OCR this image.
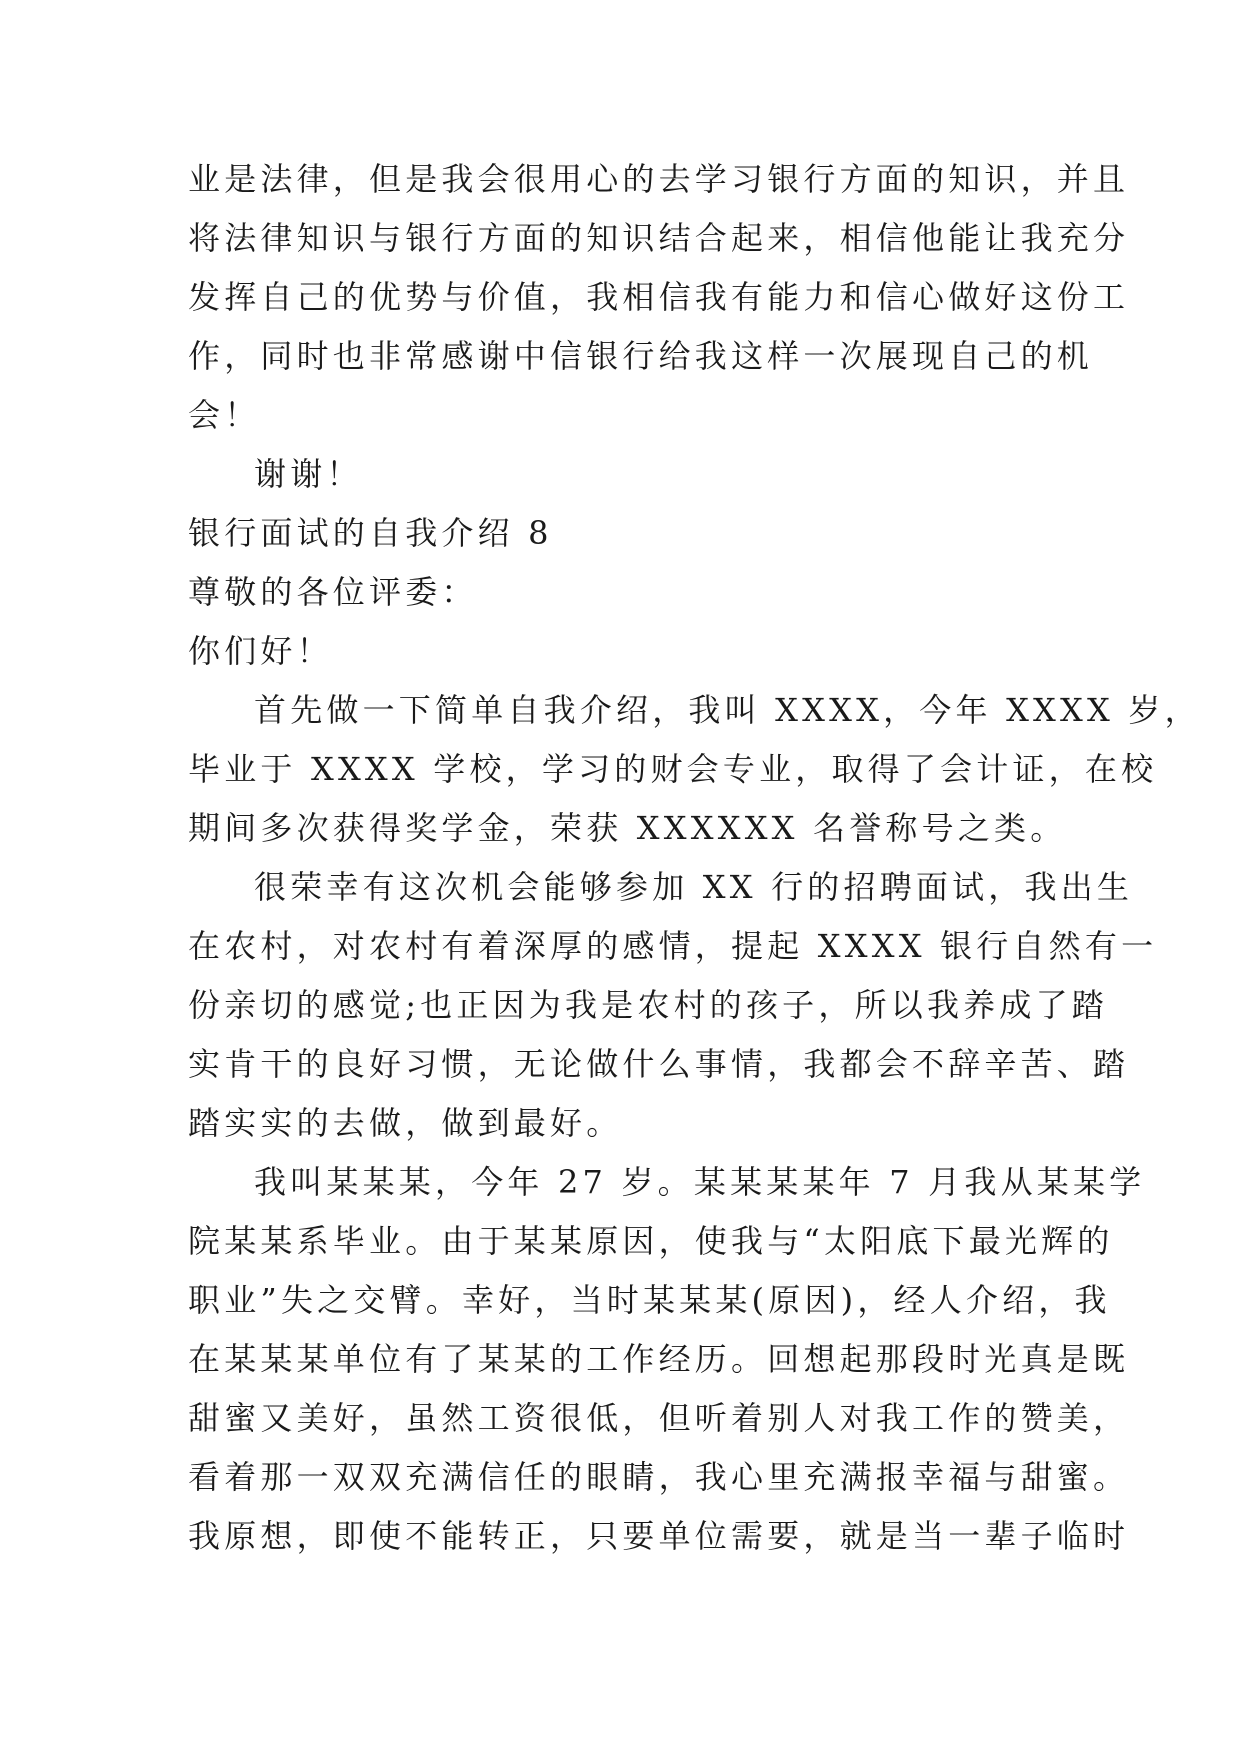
业是法律，但是我会很用心的去学习银行方面的知识，并且
将法律知识与银行方面的知识结合起来，相信他能让我充分
发挥自己的优势与价值，我相信我有能力和信心做好这份工
作，同时也非常感谢中信银行给我这样一次展现自己的机
会！
谢谢！
银行面试的自我介绍 8
尊敬的各位评委：
你们好！
首先做一下简单自我介绍，我叫 XXXX，今年 XXXX 岁，
毕业于 XXXX 学校，学习的财会专业，取得了会计证，在校
期间多次获得奖学金，荣获 XXXXXX 名誉称号之类。
很荣幸有这次机会能够参加 XX 行的招聘面试，我出生
在农村，对农村有着深厚的感情，提起 XXXX 银行自然有一
份亲切的感觉;也正因为我是农村的孩子，所以我养成了踏
实肯干的良好习惯，无论做什么事情，我都会不辞辛苦、踏
踏实实的去做，做到最好。
我叫某某某，今年 27 岁。某某某某年 7 月我从某某学
院某某系毕业。由于某某原因，使我与“太阳底下最光辉的
职业”失之交臂。幸好，当时某某某(原因)，经人介绍，我
在某某某单位有了某某的工作经历。回想起那段时光真是既
甜蜜又美好，虽然工资很低，但听着别人对我工作的赞美，
看着那一双双充满信任的眼睛，我心里充满报幸福与甜蜜。
我原想，即使不能转正，只要单位需要，就是当一辈子临时
